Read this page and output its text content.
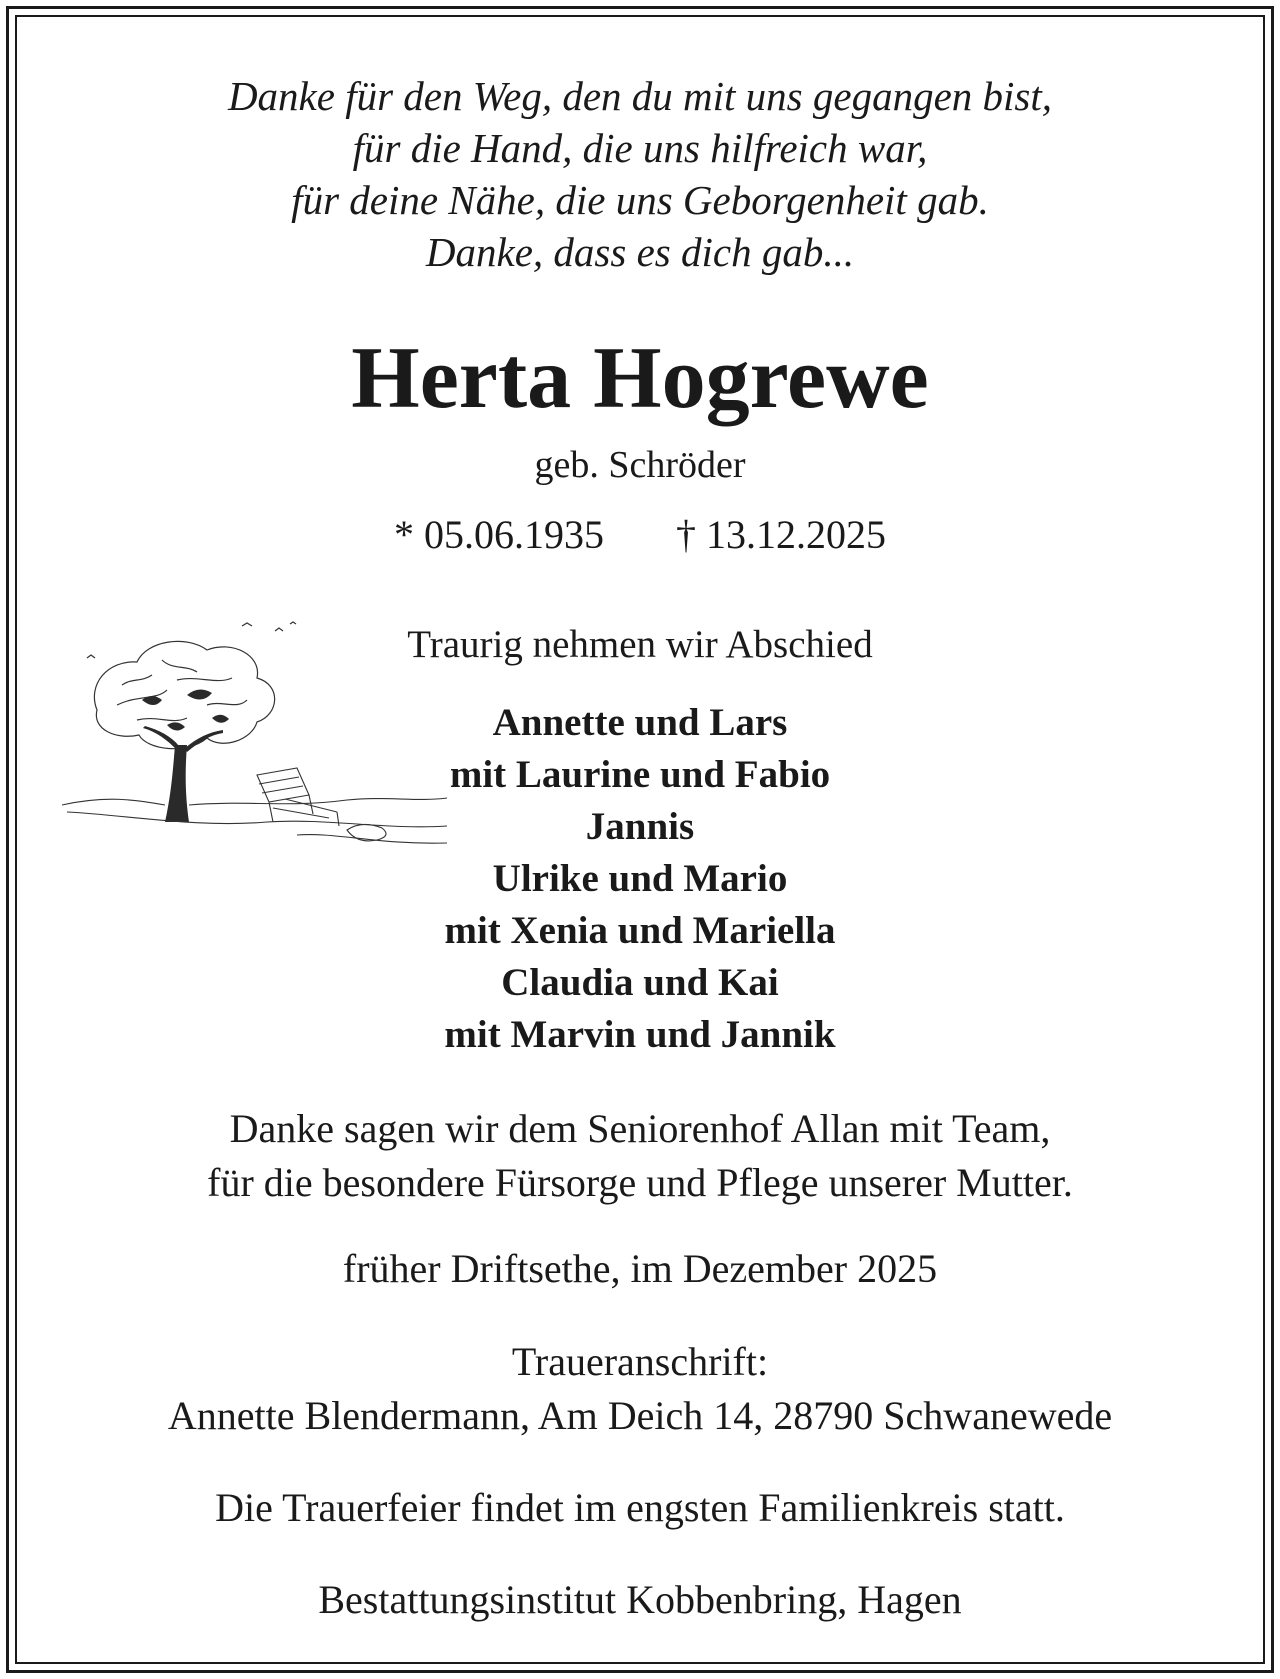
Danke für den Weg, den du mit uns gegangen bist,
für die Hand, die uns hilfreich war,
für deine Nähe, die uns Geborgenheit gab.
Danke, dass es dich gab...
Herta Hogrewe
geb. Schröder
* 05.06.1935 † 13.12.2025
Traurig nehmen wir Abschied
Annette und Lars
mit Laurine und Fabio
Jannis
Ulrike und Mario
mit Xenia und Mariella
Claudia und Kai
mit Marvin und Jannik
Danke sagen wir dem Seniorenhof Allan mit Team,
für die besondere Fürsorge und Pflege unserer Mutter.
früher Driftsethe, im Dezember 2025
Traueranschrift:
Annette Blendermann, Am Deich 14, 28790 Schwanewede
Die Trauerfeier findet im engsten Familienkreis statt.
Bestattungsinstitut Kobbenbring, Hagen
